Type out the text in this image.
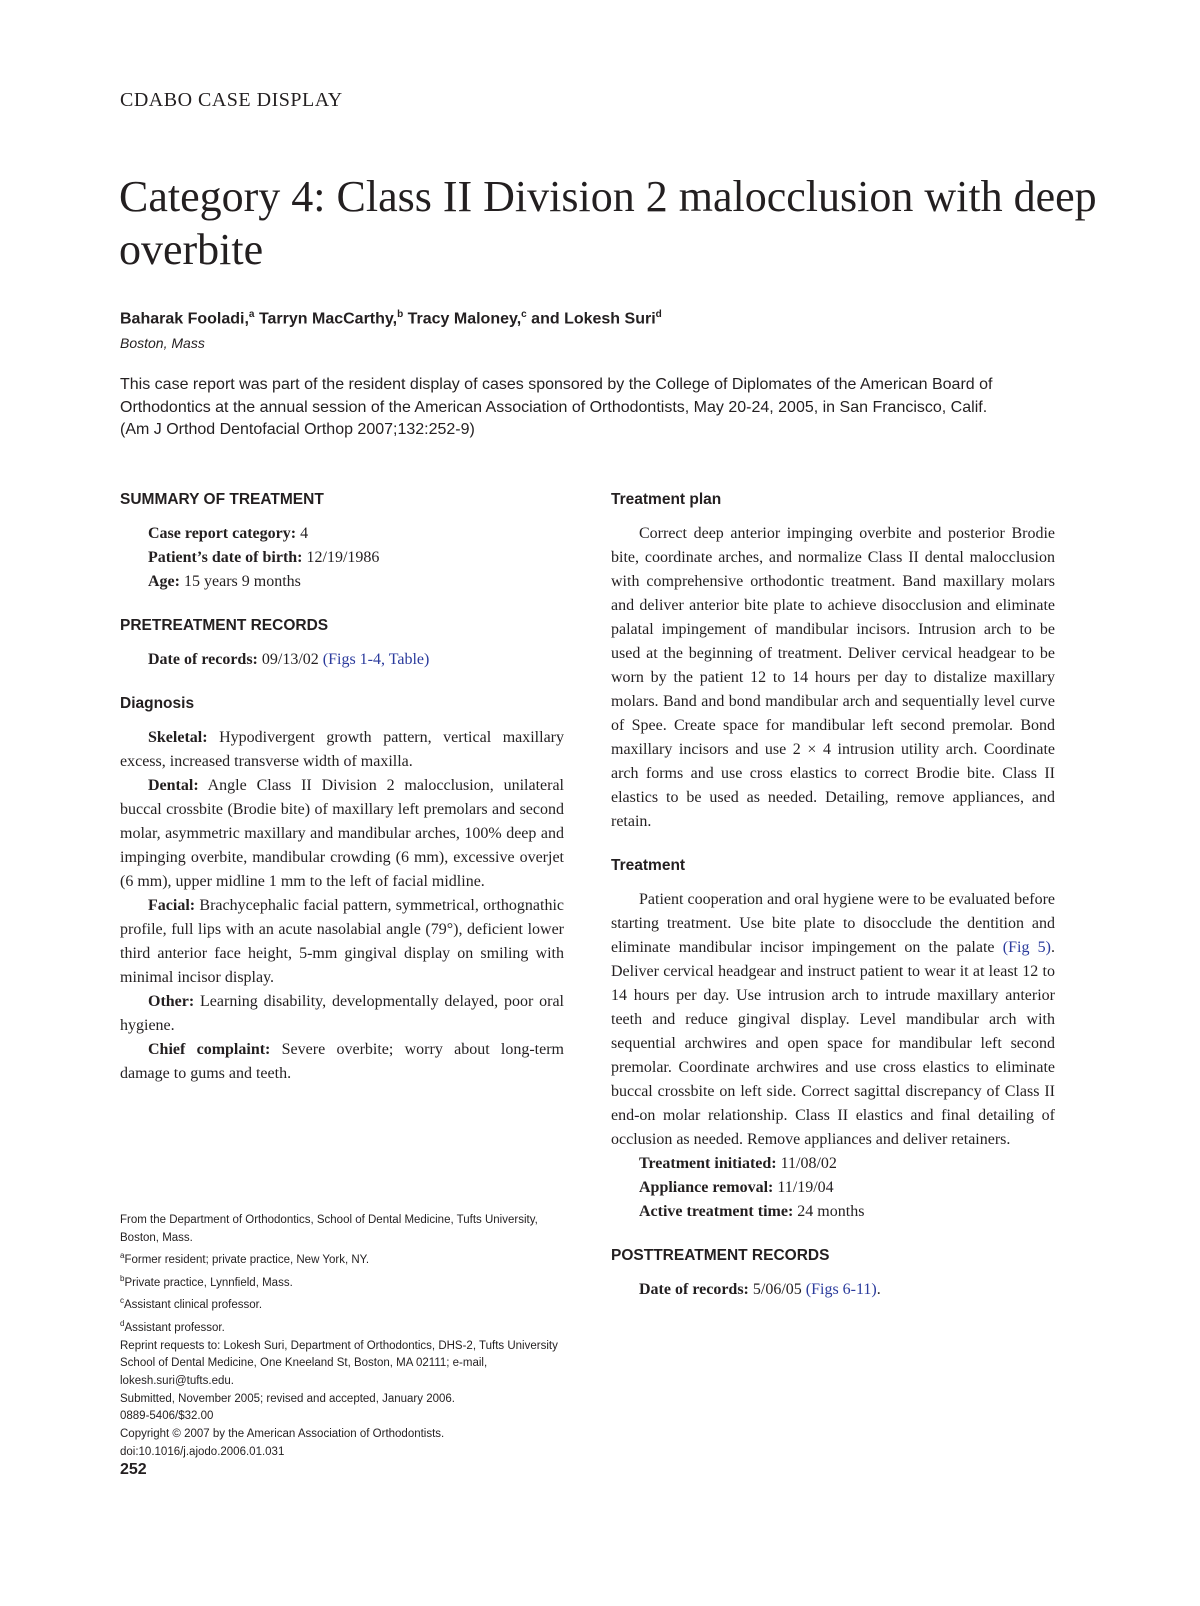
CDABO CASE DISPLAY
Category 4: Class II Division 2 malocclusion with deep overbite
Baharak Fooladi,$^a$ Tarryn MacCarthy,$^b$ Tracy Maloney,$^c$ and Lokesh Suri$^d$
Boston, Mass
This case report was part of the resident display of cases sponsored by the College of Diplomates of the American Board of Orthodontics at the annual session of the American Association of Orthodontists, May 20-24, 2005, in San Francisco, Calif. (Am J Orthod Dentofacial Orthop 2007;132:252-9)
SUMMARY OF TREATMENT
Case report category: 4
Patient’s date of birth: 12/19/1986
Age: 15 years 9 months
PRETREATMENT RECORDS
Date of records: 09/13/02 (Figs 1-4, Table)
Diagnosis

Skeletal: Hypodivergent growth pattern, vertical maxillary excess, increased transverse width of maxilla.

Dental: Angle Class II Division 2 malocclusion, unilateral buccal crossbite (Brodie bite) of maxillary left premolars and second molar, asymmetric maxillary and mandibular arches, 100% deep and impinging overbite, mandibular crowding (6 mm), excessive overjet (6 mm), upper midline 1 mm to the left of facial midline.

Facial: Brachycephalic facial pattern, symmetrical, orthognathic profile, full lips with an acute nasolabial angle (79°), deficient lower third anterior face height, 5-mm gingival display on smiling with minimal incisor display.

Other: Learning disability, developmentally delayed, poor oral hygiene.

Chief complaint: Severe overbite; worry about long-term damage to gums and teeth.

Treatment plan

Correct deep anterior impinging overbite and posterior Brodie bite, coordinate arches, and normalize Class II dental malocclusion with comprehensive orthodontic treatment. Band maxillary molars and deliver anterior bite plate to achieve disocclusion and eliminate palatal impingement of mandibular incisors. Intrusion arch to be used at the beginning of treatment. Deliver cervical headgear to be worn by the patient 12 to 14 hours per day to distalize maxillary molars. Band and bond mandibular arch and sequentially level curve of Spee. Create space for mandibular left second premolar. Bond maxillary incisors and use 2 × 4 intrusion utility arch. Coordinate arch forms and use cross elastics to correct Brodie bite. Class II elastics to be used as needed. Detailing, remove appliances, and retain.

Treatment

Patient cooperation and oral hygiene were to be evaluated before starting treatment. Use bite plate to disocclude the dentition and eliminate mandibular incisor impingement on the palate (Fig 5). Deliver cervical headgear and instruct patient to wear it at least 12 to 14 hours per day. Use intrusion arch to intrude maxillary anterior teeth and reduce gingival display. Level mandibular arch with sequential archwires and open space for mandibular left second premolar. Coordinate archwires and use cross elastics to eliminate buccal crossbite on left side. Correct sagittal discrepancy of Class II end-on molar relationship. Class II elastics and final detailing of occlusion as needed. Remove appliances and deliver retainers.

Treatment initiated: 11/08/02
Appliance removal: 11/19/04
Active treatment time: 24 months
POSTTREATMENT RECORDS
Date of records: 5/06/05 (Figs 6-11).
From the Department of Orthodontics, School of Dental Medicine, Tufts University, Boston, Mass.
$^a$Former resident; private practice, New York, NY.
$^b$Private practice, Lynnfield, Mass.
$^c$Assistant clinical professor.
$^d$Assistant professor.
Reprint requests to: Lokesh Suri, Department of Orthodontics, DHS-2, Tufts University School of Dental Medicine, One Kneeland St, Boston, MA 02111; e-mail, lokesh.suri@tufts.edu.
Submitted, November 2005; revised and accepted, January 2006.
0889-5406/$32.00
Copyright © 2007 by the American Association of Orthodontists.
doi:10.1016/j.ajodo.2006.01.031
252
